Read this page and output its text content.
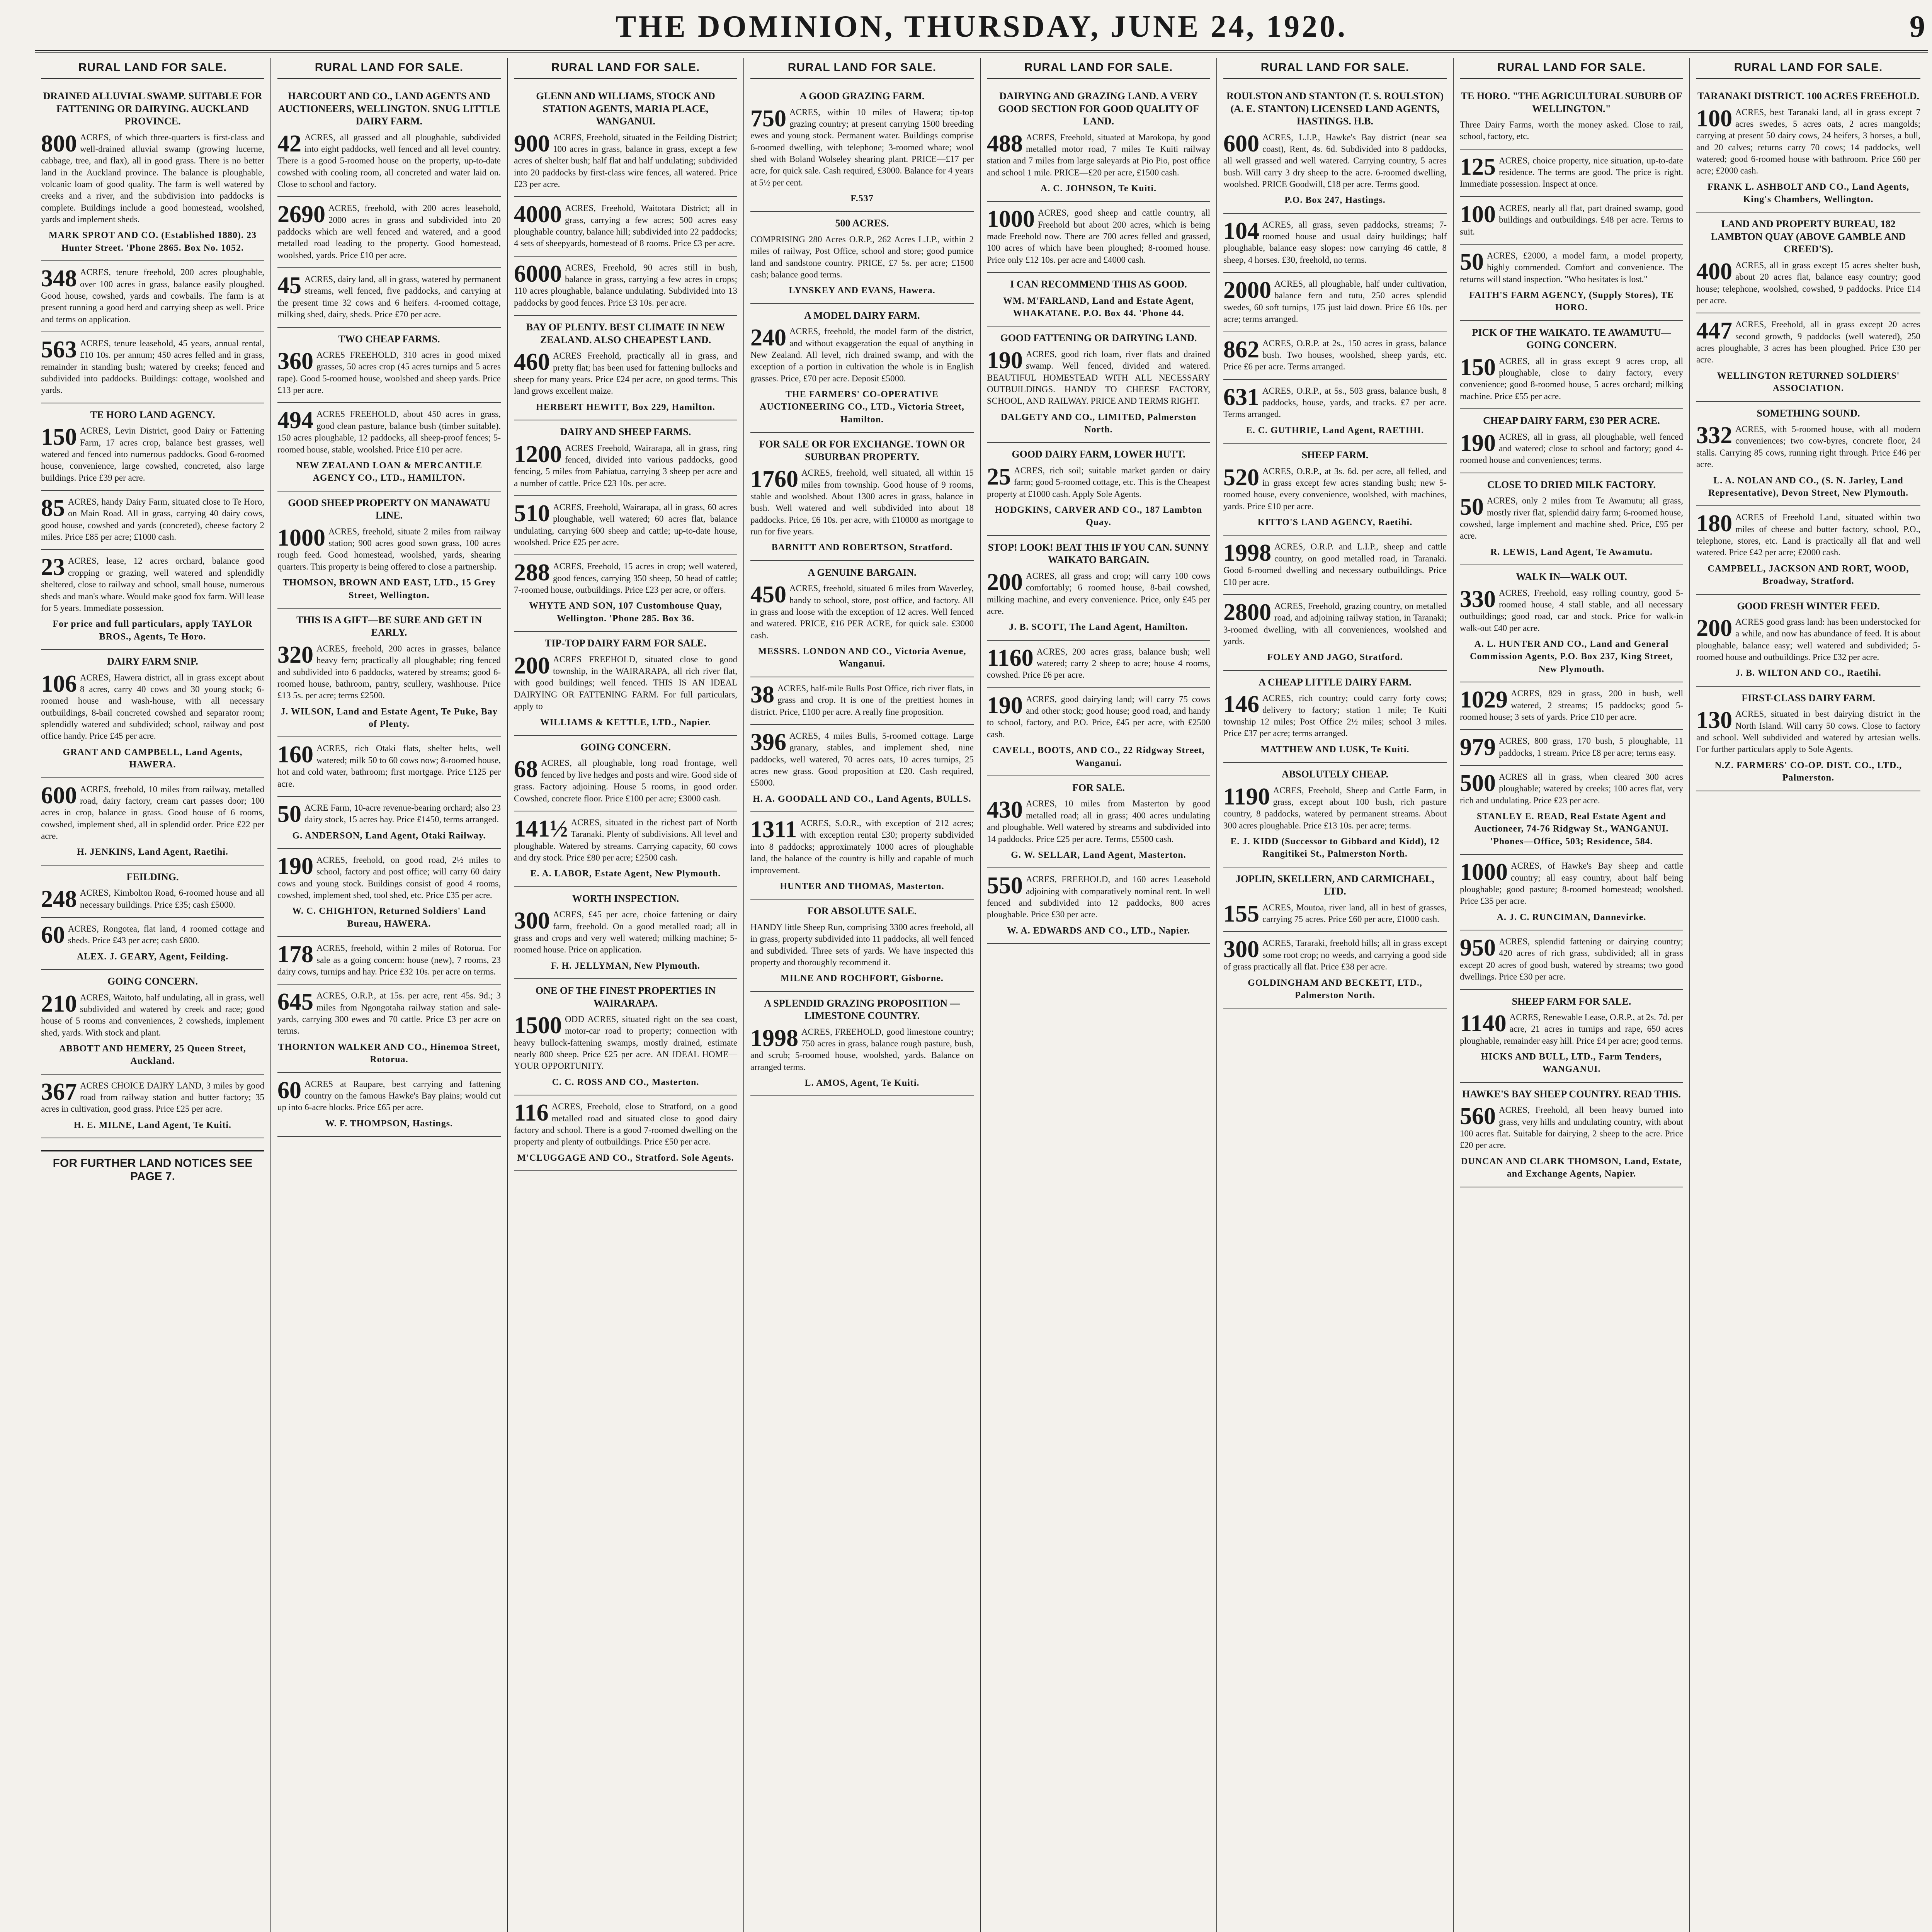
THE DOMINION, THURSDAY, JUNE 24, 1920.	9
RURAL LAND FOR SALE.
DRAINED ALLUVIAL SWAMP. SUITABLE FOR FATTENING OR DAIRYING. AUCKLAND PROVINCE.
800 ACRES, of which three-quarters is first-class and well-drained alluvial swamp (growing lucerne, cabbage, tree, and flax), all in good grass. There is no better land in the Auckland province. The balance is ploughable, volcanic loam of good quality. The farm is well watered by creeks and a river, and the subdivision into paddocks is complete. Buildings include a good homestead, woolshed, yards and implement sheds.
MARK SPROT AND CO. (Established 1880). 23 Hunter Street. 'Phone 2865. Box No. 1052.
348 ACRES, tenure freehold, 200 acres ploughable, over 100 acres in grass, balance easily ploughed. Good house, cowshed, yards and cowbails. The farm is at present running a good herd and carrying sheep as well. Price and terms on application.
563 ACRES, tenure leasehold, 45 years, annual rental, £10 10s. per annum; 450 acres felled and in grass, remainder in standing bush; watered by creeks; fenced and subdivided into paddocks. Buildings: cottage, woolshed and yards.
TE HORO LAND AGENCY.
150 ACRES, Levin District, good Dairy or Fattening Farm, 17 acres crop, balance best grasses, well watered and fenced into numerous paddocks. Good 6-roomed house, convenience, large cowshed, concreted, also large buildings. Price £39 per acre.
85 ACRES, handy Dairy Farm, situated close to Te Horo, on Main Road. All in grass, carrying 40 dairy cows, good house, cowshed and yards (concreted), cheese factory 2 miles. Price £85 per acre; £1000 cash.
23 ACRES, lease, 12 acres orchard, balance good cropping or grazing, well watered and splendidly sheltered, close to railway and school, small house, numerous sheds and man's whare. Would make good fox farm. Will lease for 5 years. Immediate possession.
For price and full particulars, apply TAYLOR BROS., Agents, Te Horo.
DAIRY FARM SNIP.
106 ACRES, Hawera district, all in grass except about 8 acres, carry 40 cows and 30 young stock; 6-roomed house and wash-house, with all necessary outbuildings, 8-bail concreted cowshed and separator room; splendidly watered and subdivided; school, railway and post office handy. Price £45 per acre.
GRANT AND CAMPBELL, Land Agents, HAWERA.
600 ACRES, freehold, 10 miles from railway, metalled road, dairy factory, cream cart passes door; 100 acres in crop, balance in grass. Good house of 6 rooms, cowshed, implement shed, all in splendid order. Price £22 per acre.
H. JENKINS, Land Agent, Raetihi.
FEILDING.
248 ACRES, Kimbolton Road, 6-roomed house and all necessary buildings. Price £35; cash £5000.
60 ACRES, Rongotea, flat land, 4 roomed cottage and sheds. Price £43 per acre; cash £800.
ALEX. J. GEARY, Agent, Feilding.
GOING CONCERN.
210 ACRES, Waitoto, half undulating, all in grass, well subdivided and watered by creek and race; good house of 5 rooms and conveniences, 2 cowsheds, implement shed, yards. With stock and plant.
ABBOTT AND HEMERY, 25 Queen Street, Auckland.
367 ACRES CHOICE DAIRY LAND, 3 miles by good road from railway station and butter factory; 35 acres in cultivation, good grass. Price £25 per acre.
H. E. MILNE, Land Agent, Te Kuiti.
FOR FURTHER LAND NOTICES SEE PAGE 7.
RURAL LAND FOR SALE.
HARCOURT AND CO., LAND AGENTS AND AUCTIONEERS, WELLINGTON. SNUG LITTLE DAIRY FARM.
42 ACRES, all grassed and all ploughable, subdivided into eight paddocks, well fenced and all level country. There is a good 5-roomed house on the property, up-to-date cowshed with cooling room, all concreted and water laid on. Close to school and factory.
2690 ACRES, freehold, with 200 acres leasehold, 2000 acres in grass and subdivided into 20 paddocks which are well fenced and watered, and a good metalled road leading to the property. Good homestead, woolshed, yards. Price £10 per acre.
45 ACRES, dairy land, all in grass, watered by permanent streams, well fenced, five paddocks, and carrying at the present time 32 cows and 6 heifers. 4-roomed cottage, milking shed, dairy, sheds. Price £70 per acre.
TWO CHEAP FARMS.
360 ACRES FREEHOLD, 310 acres in good mixed grasses, 50 acres crop (45 acres turnips and 5 acres rape). Good 5-roomed house, woolshed and sheep yards. Price £13 per acre.
494 ACRES FREEHOLD, about 450 acres in grass, good clean pasture, balance bush (timber suitable). 150 acres ploughable, 12 paddocks, all sheep-proof fences; 5-roomed house, stable, woolshed. Price £10 per acre.
NEW ZEALAND LOAN & MERCANTILE AGENCY CO., LTD., HAMILTON.
GOOD SHEEP PROPERTY ON MANAWATU LINE.
1000 ACRES, freehold, situate 2 miles from railway station; 900 acres good sown grass, 100 acres rough feed. Good homestead, woolshed, yards, shearing quarters. This property is being offered to close a partnership.
THOMSON, BROWN AND EAST, LTD., 15 Grey Street, Wellington.
THIS IS A GIFT—BE SURE AND GET IN EARLY.
320 ACRES, freehold, 200 acres in grasses, balance heavy fern; practically all ploughable; ring fenced and subdivided into 6 paddocks, watered by streams; good 6-roomed house, bathroom, pantry, scullery, washhouse. Price £13 5s. per acre; terms £2500.
J. WILSON, Land and Estate Agent, Te Puke, Bay of Plenty.
160 ACRES, rich Otaki flats, shelter belts, well watered; milk 50 to 60 cows now; 8-roomed house, hot and cold water, bathroom; first mortgage. Price £125 per acre.
50 ACRE Farm, 10-acre revenue-bearing orchard; also 23 dairy stock, 15 acres hay. Price £1450, terms arranged.
G. ANDERSON, Land Agent, Otaki Railway.
190 ACRES, freehold, on good road, 2½ miles to school, factory and post office; will carry 60 dairy cows and young stock. Buildings consist of good 4 rooms, cowshed, implement shed, tool shed, etc. Price £35 per acre.
W. C. CHIGHTON, Returned Soldiers' Land Bureau, HAWERA.
178 ACRES, freehold, within 2 miles of Rotorua. For sale as a going concern: house (new), 7 rooms, 23 dairy cows, turnips and hay. Price £32 10s. per acre on terms.
645 ACRES, O.R.P., at 15s. per acre, rent 45s. 9d.; 3 miles from Ngongotaha railway station and sale-yards, carrying 300 ewes and 70 cattle. Price £3 per acre on terms.
THORNTON WALKER AND CO., Hinemoa Street, Rotorua.
60 ACRES at Raupare, best carrying and fattening country on the famous Hawke's Bay plains; would cut up into 6-acre blocks. Price £65 per acre.
W. F. THOMPSON, Hastings.
RURAL LAND FOR SALE.
GLENN AND WILLIAMS, STOCK AND STATION AGENTS, MARIA PLACE, WANGANUI.
900 ACRES, Freehold, situated in the Feilding District; 100 acres in grass, balance in grass, except a few acres of shelter bush; half flat and half undulating; subdivided into 20 paddocks by first-class wire fences, all watered. Price £23 per acre.
4000 ACRES, Freehold, Waitotara District; all in grass, carrying a few acres; 500 acres easy ploughable country, balance hill; subdivided into 22 paddocks; 4 sets of sheepyards, homestead of 8 rooms. Price £3 per acre.
6000 ACRES, Freehold, 90 acres still in bush, balance in grass, carrying a few acres in crops; 110 acres ploughable, balance undulating. Subdivided into 13 paddocks by good fences. Price £3 10s. per acre.
BAY OF PLENTY. BEST CLIMATE IN NEW ZEALAND. ALSO CHEAPEST LAND.
460 ACRES Freehold, practically all in grass, and pretty flat; has been used for fattening bullocks and sheep for many years. Price £24 per acre, on good terms. This land grows excellent maize.
HERBERT HEWITT, Box 229, Hamilton.
DAIRY AND SHEEP FARMS.
1200 ACRES Freehold, Wairarapa, all in grass, ring fenced, divided into various paddocks, good fencing, 5 miles from Pahiatua, carrying 3 sheep per acre and a number of cattle. Price £23 10s. per acre.
510 ACRES, Freehold, Wairarapa, all in grass, 60 acres ploughable, well watered; 60 acres flat, balance undulating, carrying 600 sheep and cattle; up-to-date house, woolshed. Price £25 per acre.
288 ACRES, Freehold, 15 acres in crop; well watered, good fences, carrying 350 sheep, 50 head of cattle; 7-roomed house, outbuildings. Price £23 per acre, or offers.
WHYTE AND SON, 107 Customhouse Quay, Wellington. 'Phone 285. Box 36.
TIP-TOP DAIRY FARM FOR SALE.
200 ACRES FREEHOLD, situated close to good township, in the WAIRARAPA, all rich river flat, with good buildings; well fenced. THIS IS AN IDEAL DAIRYING OR FATTENING FARM. For full particulars, apply to
WILLIAMS & KETTLE, LTD., Napier.
GOING CONCERN.
68 ACRES, all ploughable, long road frontage, well fenced by live hedges and posts and wire. Good side of grass. Factory adjoining. House 5 rooms, in good order. Cowshed, concrete floor. Price £100 per acre; £3000 cash.
141½ ACRES, situated in the richest part of North Taranaki. Plenty of subdivisions. All level and ploughable. Watered by streams. Carrying capacity, 60 cows and dry stock. Price £80 per acre; £2500 cash.
E. A. LABOR, Estate Agent, New Plymouth.
WORTH INSPECTION.
300 ACRES, £45 per acre, choice fattening or dairy farm, freehold. On a good metalled road; all in grass and crops and very well watered; milking machine; 5-roomed house. Price on application.
F. H. JELLYMAN, New Plymouth.
ONE OF THE FINEST PROPERTIES IN WAIRARAPA.
1500 ODD ACRES, situated right on the sea coast, motor-car road to property; connection with heavy bullock-fattening swamps, mostly drained, estimate nearly 800 sheep. Price £25 per acre. AN IDEAL HOME—YOUR OPPORTUNITY.
C. C. ROSS AND CO., Masterton.
116 ACRES, Freehold, close to Stratford, on a good metalled road and situated close to good dairy factory and school. There is a good 7-roomed dwelling on the property and plenty of outbuildings. Price £50 per acre.
M'CLUGGAGE AND CO., Stratford. Sole Agents.
RURAL LAND FOR SALE.
A GOOD GRAZING FARM.
750 ACRES, within 10 miles of Hawera; tip-top grazing country; at present carrying 1500 breeding ewes and young stock. Permanent water. Buildings comprise 6-roomed dwelling, with telephone; 3-roomed whare; wool shed with Boland Wolseley shearing plant. PRICE—£17 per acre, for quick sale. Cash required, £3000. Balance for 4 years at 5½ per cent.
F.537
500 ACRES.
COMPRISING 280 Acres O.R.P., 262 Acres L.I.P., within 2 miles of railway, Post Office, school and store; good pumice land and sandstone country. PRICE, £7 5s. per acre; £1500 cash; balance good terms.
LYNSKEY AND EVANS, Hawera.
A MODEL DAIRY FARM.
240 ACRES, freehold, the model farm of the district, and without exaggeration the equal of anything in New Zealand. All level, rich drained swamp, and with the exception of a portion in cultivation the whole is in English grasses. Price, £70 per acre. Deposit £5000.
THE FARMERS' CO-OPERATIVE AUCTIONEERING CO., LTD., Victoria Street, Hamilton.
FOR SALE OR FOR EXCHANGE. TOWN OR SUBURBAN PROPERTY.
1760 ACRES, freehold, well situated, all within 15 miles from township. Good house of 9 rooms, stable and woolshed. About 1300 acres in grass, balance in bush. Well watered and well subdivided into about 18 paddocks. Price, £6 10s. per acre, with £10000 as mortgage to run for five years.
BARNITT AND ROBERTSON, Stratford.
A GENUINE BARGAIN.
450 ACRES, freehold, situated 6 miles from Waverley, handy to school, store, post office, and factory. All in grass and loose with the exception of 12 acres. Well fenced and watered. PRICE, £16 PER ACRE, for quick sale. £3000 cash.
MESSRS. LONDON AND CO., Victoria Avenue, Wanganui.
38 ACRES, half-mile Bulls Post Office, rich river flats, in grass and crop. It is one of the prettiest homes in district. Price, £100 per acre. A really fine proposition.
396 ACRES, 4 miles Bulls, 5-roomed cottage. Large granary, stables, and implement shed, nine paddocks, well watered, 70 acres oats, 10 acres turnips, 25 acres new grass. Good proposition at £20. Cash required, £5000.
H. A. GOODALL AND CO., Land Agents, BULLS.
1311 ACRES, S.O.R., with exception of 212 acres; with exception rental £30; property subdivided into 8 paddocks; approximately 1000 acres of ploughable land, the balance of the country is hilly and capable of much improvement.
HUNTER AND THOMAS, Masterton.
FOR ABSOLUTE SALE.
HANDY little Sheep Run, comprising 3300 acres freehold, all in grass, property subdivided into 11 paddocks, all well fenced and subdivided. Three sets of yards. We have inspected this property and thoroughly recommend it.
MILNE AND ROCHFORT, Gisborne.
A SPLENDID GRAZING PROPOSITION —LIMESTONE COUNTRY.
1998 ACRES, FREEHOLD, good limestone country; 750 acres in grass, balance rough pasture, bush, and scrub; 5-roomed house, woolshed, yards. Balance on arranged terms.
L. AMOS, Agent, Te Kuiti.
RURAL LAND FOR SALE.
DAIRYING AND GRAZING LAND. A VERY GOOD SECTION FOR GOOD QUALITY OF LAND.
488 ACRES, Freehold, situated at Marokopa, by good metalled motor road, 7 miles Te Kuiti railway station and 7 miles from large saleyards at Pio Pio, post office and school 1 mile. PRICE—£20 per acre, £1500 cash.
A. C. JOHNSON, Te Kuiti.
1000 ACRES, good sheep and cattle country, all Freehold but about 200 acres, which is being made Freehold now. There are 700 acres felled and grassed, 100 acres of which have been ploughed; 8-roomed house. Price only £12 10s. per acre and £4000 cash.
I CAN RECOMMEND THIS AS GOOD.
WM. M'FARLAND, Land and Estate Agent, WHAKATANE. P.O. Box 44. 'Phone 44.
GOOD FATTENING OR DAIRYING LAND.
190 ACRES, good rich loam, river flats and drained swamp. Well fenced, divided and watered. BEAUTIFUL HOMESTEAD WITH ALL NECESSARY OUTBUILDINGS. HANDY TO CHEESE FACTORY, SCHOOL, AND RAILWAY. PRICE AND TERMS RIGHT.
DALGETY AND CO., LIMITED, Palmerston North.
GOOD DAIRY FARM, LOWER HUTT.
25 ACRES, rich soil; suitable market garden or dairy farm; good 5-roomed cottage, etc. This is the Cheapest property at £1000 cash. Apply Sole Agents.
HODGKINS, CARVER AND CO., 187 Lambton Quay.
STOP! LOOK! BEAT THIS IF YOU CAN. SUNNY WAIKATO BARGAIN.
200 ACRES, all grass and crop; will carry 100 cows comfortably; 6 roomed house, 8-bail cowshed, milking machine, and every convenience. Price, only £45 per acre.
J. B. SCOTT, The Land Agent, Hamilton.
1160 ACRES, 200 acres grass, balance bush; well watered; carry 2 sheep to acre; house 4 rooms, cowshed. Price £6 per acre.
190 ACRES, good dairying land; will carry 75 cows and other stock; good house; good road, and handy to school, factory, and P.O. Price, £45 per acre, with £2500 cash.
CAVELL, BOOTS, AND CO., 22 Ridgway Street, Wanganui.
FOR SALE.
430 ACRES, 10 miles from Masterton by good metalled road; all in grass; 400 acres undulating and ploughable. Well watered by streams and subdivided into 14 paddocks. Price £25 per acre. Terms, £5500 cash.
G. W. SELLAR, Land Agent, Masterton.
550 ACRES, FREEHOLD, and 160 acres Leasehold adjoining with comparatively nominal rent. In well fenced and subdivided into 12 paddocks, 800 acres ploughable. Price £30 per acre.
W. A. EDWARDS AND CO., LTD., Napier.
RURAL LAND FOR SALE.
ROULSTON AND STANTON (T. S. ROULSTON) (A. E. STANTON) LICENSED LAND AGENTS, HASTINGS. H.B.
600 ACRES, L.I.P., Hawke's Bay district (near sea coast), Rent, 4s. 6d. Subdivided into 8 paddocks, all well grassed and well watered. Carrying country, 5 acres bush. Will carry 3 dry sheep to the acre. 6-roomed dwelling, woolshed. PRICE Goodwill, £18 per acre. Terms good.
P.O. Box 247, Hastings.
104 ACRES, all grass, seven paddocks, streams; 7-roomed house and usual dairy buildings; half ploughable, balance easy slopes: now carrying 46 cattle, 8 sheep, 4 horses. £30, freehold, no terms.
2000 ACRES, all ploughable, half under cultivation, balance fern and tutu, 250 acres splendid swedes, 60 soft turnips, 175 just laid down. Price £6 10s. per acre; terms arranged.
862 ACRES, O.R.P. at 2s., 150 acres in grass, balance bush. Two houses, woolshed, sheep yards, etc. Price £6 per acre. Terms arranged.
631 ACRES, O.R.P., at 5s., 503 grass, balance bush, 8 paddocks, house, yards, and tracks. £7 per acre. Terms arranged.
E. C. GUTHRIE, Land Agent, RAETIHI.
SHEEP FARM.
520 ACRES, O.R.P., at 3s. 6d. per acre, all felled, and in grass except few acres standing bush; new 5-roomed house, every convenience, woolshed, with machines, yards. Price £10 per acre.
KITTO'S LAND AGENCY, Raetihi.
1998 ACRES, O.R.P. and L.I.P., sheep and cattle country, on good metalled road, in Taranaki. Good 6-roomed dwelling and necessary outbuildings. Price £10 per acre.
2800 ACRES, Freehold, grazing country, on metalled road, and adjoining railway station, in Taranaki; 3-roomed dwelling, with all conveniences, woolshed and yards.
FOLEY AND JAGO, Stratford.
A CHEAP LITTLE DAIRY FARM.
146 ACRES, rich country; could carry forty cows; delivery to factory; station 1 mile; Te Kuiti township 12 miles; Post Office 2½ miles; school 3 miles. Price £37 per acre; terms arranged.
MATTHEW AND LUSK, Te Kuiti.
ABSOLUTELY CHEAP.
1190 ACRES, Freehold, Sheep and Cattle Farm, in grass, except about 100 bush, rich pasture country, 8 paddocks, watered by permanent streams. About 300 acres ploughable. Price £13 10s. per acre; terms.
E. J. KIDD (Successor to Gibbard and Kidd), 12 Rangitikei St., Palmerston North.
JOPLIN, SKELLERN, AND CARMICHAEL, LTD.
155 ACRES, Moutoa, river land, all in best of grasses, carrying 75 acres. Price £60 per acre, £1000 cash.
300 ACRES, Tararaki, freehold hills; all in grass except some root crop; no weeds, and carrying a good side of grass practically all flat. Price £38 per acre.
GOLDINGHAM AND BECKETT, LTD., Palmerston North.
RURAL LAND FOR SALE.
TE HORO. "THE AGRICULTURAL SUBURB OF WELLINGTON."
Three Dairy Farms, worth the money asked. Close to rail, school, factory, etc.
125 ACRES, choice property, nice situation, up-to-date residence. The terms are good. The price is right. Immediate possession. Inspect at once.
100 ACRES, nearly all flat, part drained swamp, good buildings and outbuildings. £48 per acre. Terms to suit.
50 ACRES, £2000, a model farm, a model property, highly commended. Comfort and convenience. The returns will stand inspection. "Who hesitates is lost."
FAITH'S FARM AGENCY, (Supply Stores), TE HORO.
PICK OF THE WAIKATO. TE AWAMUTU—GOING CONCERN.
150 ACRES, all in grass except 9 acres crop, all ploughable, close to dairy factory, every convenience; good 8-roomed house, 5 acres orchard; milking machine. Price £55 per acre.
CHEAP DAIRY FARM, £30 PER ACRE.
190 ACRES, all in grass, all ploughable, well fenced and watered; close to school and factory; good 4-roomed house and conveniences; terms.
CLOSE TO DRIED MILK FACTORY.
50 ACRES, only 2 miles from Te Awamutu; all grass, mostly river flat, splendid dairy farm; 6-roomed house, cowshed, large implement and machine shed. Price, £95 per acre.
R. LEWIS, Land Agent, Te Awamutu.
WALK IN—WALK OUT.
330 ACRES, Freehold, easy rolling country, good 5-roomed house, 4 stall stable, and all necessary outbuildings; good road, car and stock. Price for walk-in walk-out £40 per acre.
A. L. HUNTER AND CO., Land and General Commission Agents, P.O. Box 237, King Street, New Plymouth.
1029 ACRES, 829 in grass, 200 in bush, well watered, 2 streams; 15 paddocks; good 5-roomed house; 3 sets of yards. Price £10 per acre.
979 ACRES, 800 grass, 170 bush, 5 ploughable, 11 paddocks, 1 stream. Price £8 per acre; terms easy.
500 ACRES all in grass, when cleared 300 acres ploughable; watered by creeks; 100 acres flat, very rich and undulating. Price £23 per acre.
STANLEY E. READ, Real Estate Agent and Auctioneer, 74-76 Ridgway St., WANGANUI. 'Phones—Office, 503; Residence, 584.
1000 ACRES, of Hawke's Bay sheep and cattle country; all easy country, about half being ploughable; good pasture; 8-roomed homestead; woolshed. Price £35 per acre.
A. J. C. RUNCIMAN, Dannevirke.
950 ACRES, splendid fattening or dairying country; 420 acres of rich grass, subdivided; all in grass except 20 acres of good bush, watered by streams; two good dwellings. Price £30 per acre.
SHEEP FARM FOR SALE.
1140 ACRES, Renewable Lease, O.R.P., at 2s. 7d. per acre, 21 acres in turnips and rape, 650 acres ploughable, remainder easy hill. Price £4 per acre; good terms.
HICKS AND BULL, LTD., Farm Tenders, WANGANUI.
HAWKE'S BAY SHEEP COUNTRY. READ THIS.
560 ACRES, Freehold, all been heavy burned into grass, very hills and undulating country, with about 100 acres flat. Suitable for dairying, 2 sheep to the acre. Price £20 per acre.
DUNCAN AND CLARK THOMSON, Land, Estate, and Exchange Agents, Napier.
RURAL LAND FOR SALE.
TARANAKI DISTRICT. 100 ACRES FREEHOLD.
100 ACRES, best Taranaki land, all in grass except 7 acres swedes, 5 acres oats, 2 acres mangolds; carrying at present 50 dairy cows, 24 heifers, 3 horses, a bull, and 20 calves; returns carry 70 cows; 14 paddocks, well watered; good 6-roomed house with bathroom. Price £60 per acre; £2000 cash.
FRANK L. ASHBOLT AND CO., Land Agents, King's Chambers, Wellington.
LAND AND PROPERTY BUREAU, 182 LAMBTON QUAY (ABOVE GAMBLE AND CREED'S).
400 ACRES, all in grass except 15 acres shelter bush, about 20 acres flat, balance easy country; good house; telephone, woolshed, cowshed, 9 paddocks. Price £14 per acre.
447 ACRES, Freehold, all in grass except 20 acres second growth, 9 paddocks (well watered), 250 acres ploughable, 3 acres has been ploughed. Price £30 per acre.
WELLINGTON RETURNED SOLDIERS' ASSOCIATION.
SOMETHING SOUND.
332 ACRES, with 5-roomed house, with all modern conveniences; two cow-byres, concrete floor, 24 stalls. Carrying 85 cows, running right through. Price £46 per acre.
L. A. NOLAN AND CO., (S. N. Jarley, Land Representative), Devon Street, New Plymouth.
180 ACRES of Freehold Land, situated within two miles of cheese and butter factory, school, P.O., telephone, stores, etc. Land is practically all flat and well watered. Price £42 per acre; £2000 cash.
CAMPBELL, JACKSON AND RORT, WOOD, Broadway, Stratford.
GOOD FRESH WINTER FEED.
200 ACRES good grass land: has been understocked for a while, and now has abundance of feed. It is about ploughable, balance easy; well watered and subdivided; 5-roomed house and outbuildings. Price £32 per acre.
J. B. WILTON AND CO., Raetihi.
FIRST-CLASS DAIRY FARM.
130 ACRES, situated in best dairying district in the North Island. Will carry 50 cows. Close to factory and school. Well subdivided and watered by artesian wells. For further particulars apply to Sole Agents.
N.Z. FARMERS' CO-OP. DIST. CO., LTD., Palmerston.
